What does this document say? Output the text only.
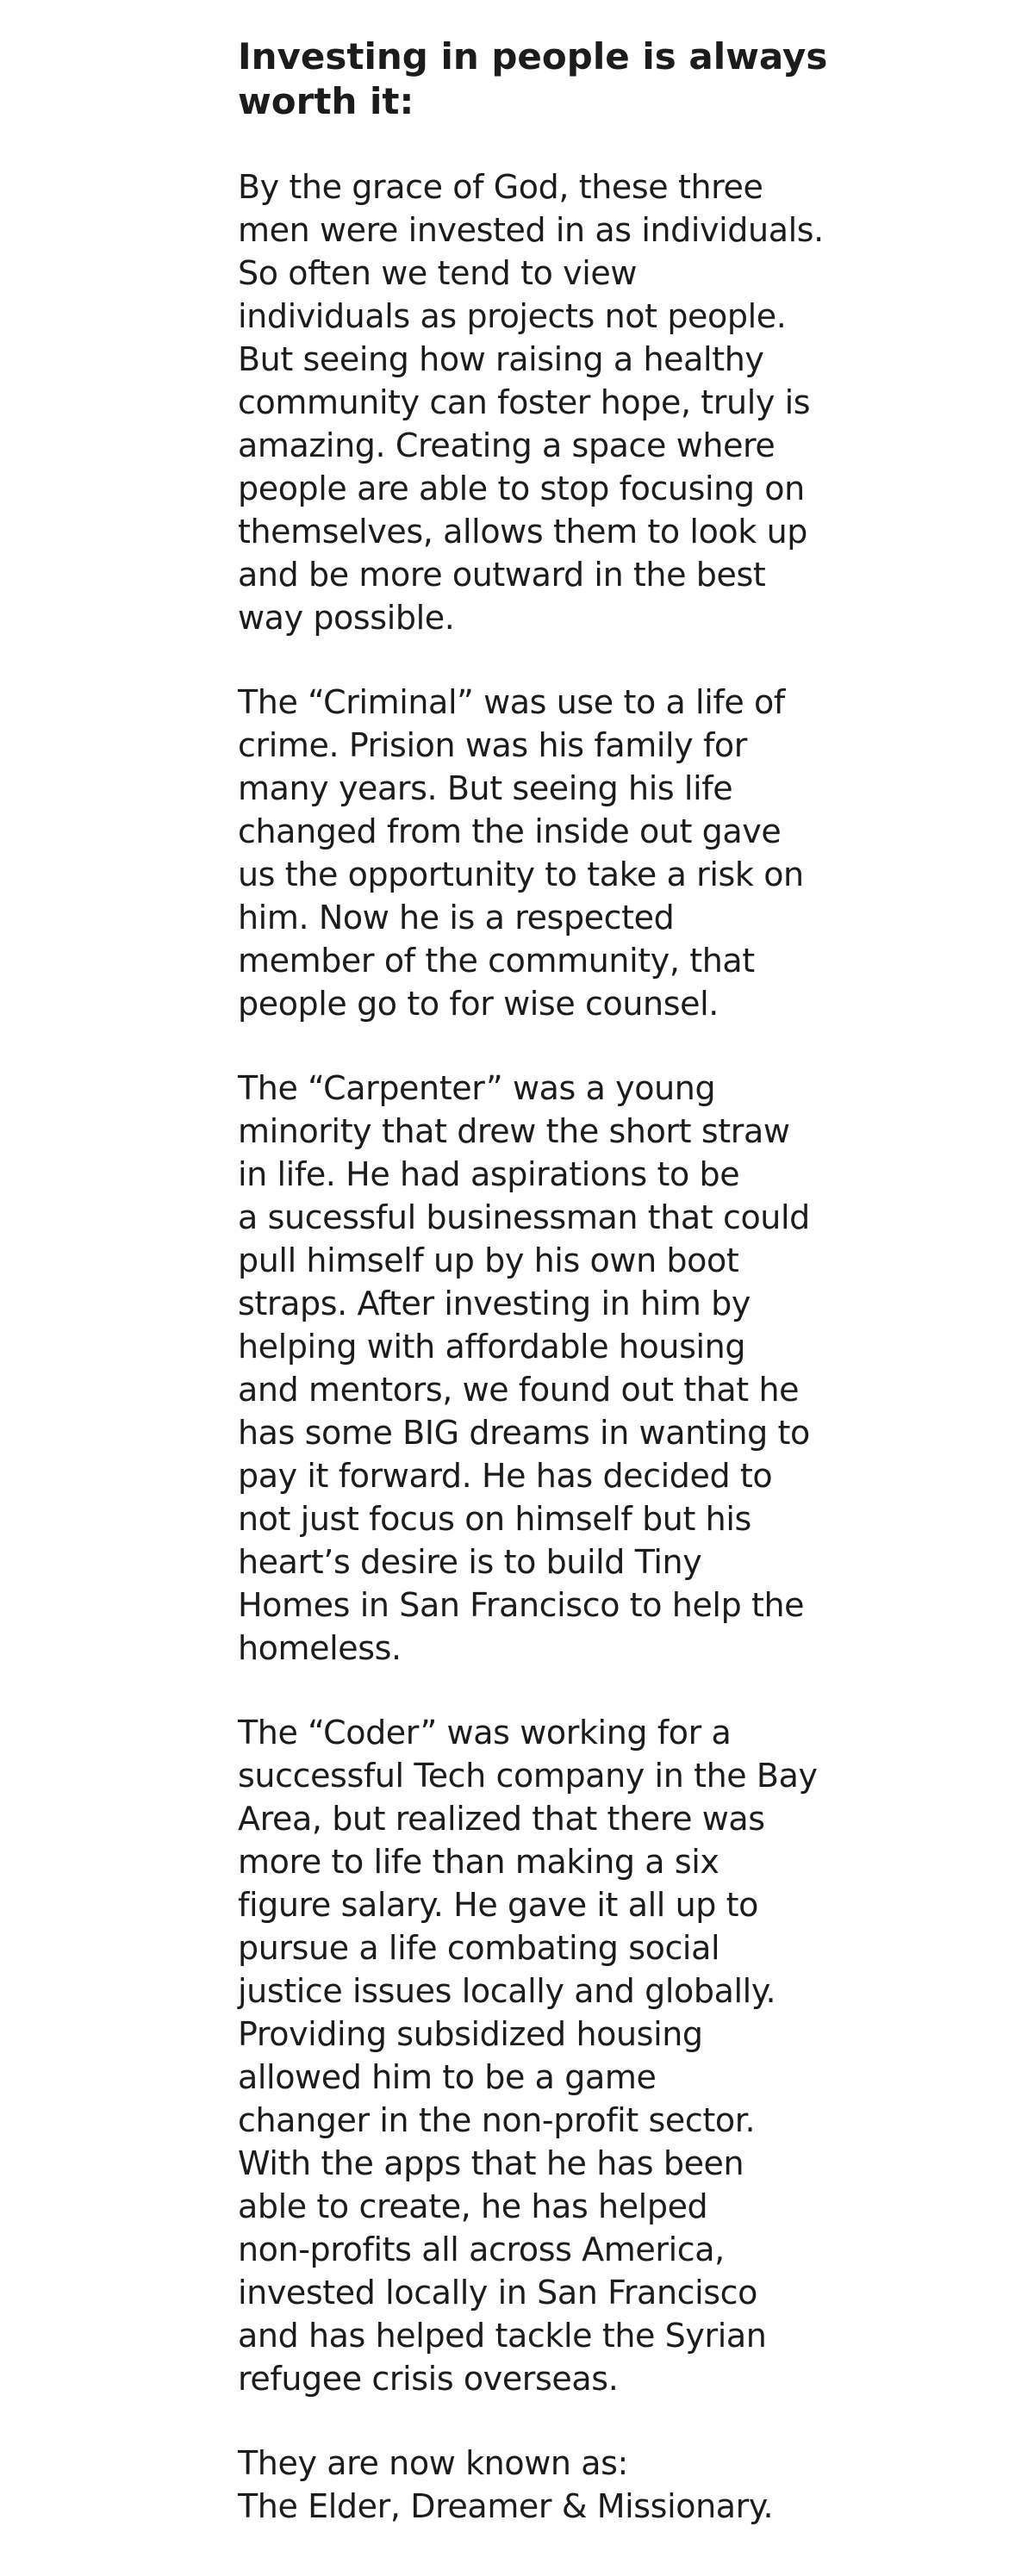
Investing in people is always
worth it:

By the grace of God, these three
men were invested in as individuals.
So often we tend to view
individuals as projects not people.
But seeing how raising a healthy
community can foster hope, truly is
amazing. Creating a space where
people are able to stop focusing on
themselves, allows them to look up
and be more outward in the best
way possible.

The “Criminal” was use to a life of
crime. Prision was his family for
many years. But seeing his life
changed from the inside out gave
us the opportunity to take a risk on
him. Now he is a respected
member of the community, that
people go to for wise counsel.

The “Carpenter” was a young
minority that drew the short straw
in life. He had aspirations to be
a sucessful businessman that could
pull himself up by his own boot
straps. After investing in him by
helping with affordable housing
and mentors, we found out that he
has some BIG dreams in wanting to
pay it forward. He has decided to
not just focus on himself but his
heart’s desire is to build Tiny
Homes in San Francisco to help the
homeless.

The “Coder” was working for a
successful Tech company in the Bay
Area, but realized that there was
more to life than making a six
figure salary. He gave it all up to
pursue a life combating social
justice issues locally and globally.
Providing subsidized housing
allowed him to be a game
changer in the non-profit sector.
With the apps that he has been
able to create, he has helped
non-profits all across America,
invested locally in San Francisco
and has helped tackle the Syrian
refugee crisis overseas.

They are now known as:
The Elder, Dreamer & Missionary.
